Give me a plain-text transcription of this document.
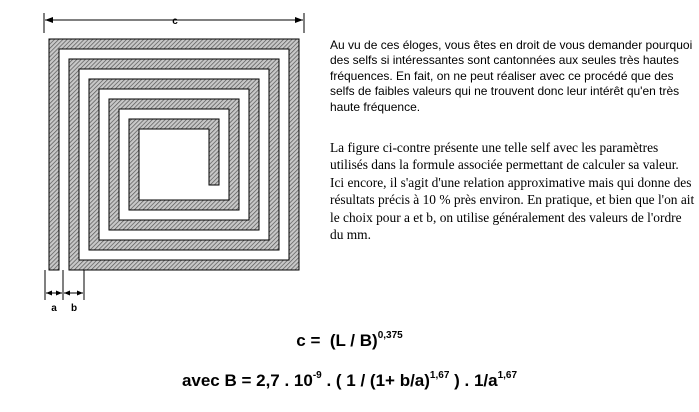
c
a b

Au vu de ces éloges, vous êtes en droit de vous demander pourquoi des selfs si intéressantes sont cantonnées aux seules très hautes fréquences. En fait, on ne peut réaliser avec ce procédé que des selfs de faibles valeurs qui ne trouvent donc leur intérêt qu'en très haute fréquence.

La figure ci-contre présente une telle self avec les paramètres utilisés dans la formule associée permettant de calculer sa valeur. Ici encore, il s'agit d'une relation approximative mais qui donne des résultats précis à 10 % près environ. En pratique, et bien que l'on ait le choix pour a et b, on utilise généralement des valeurs de l'ordre du mm.

c = (L / B)$^{0,375}$
avec B = 2,7 . $10^{-9}$ . ( $1 / (1+ b/a)^{1,67}$ ) . $1/a^{1,67}$
